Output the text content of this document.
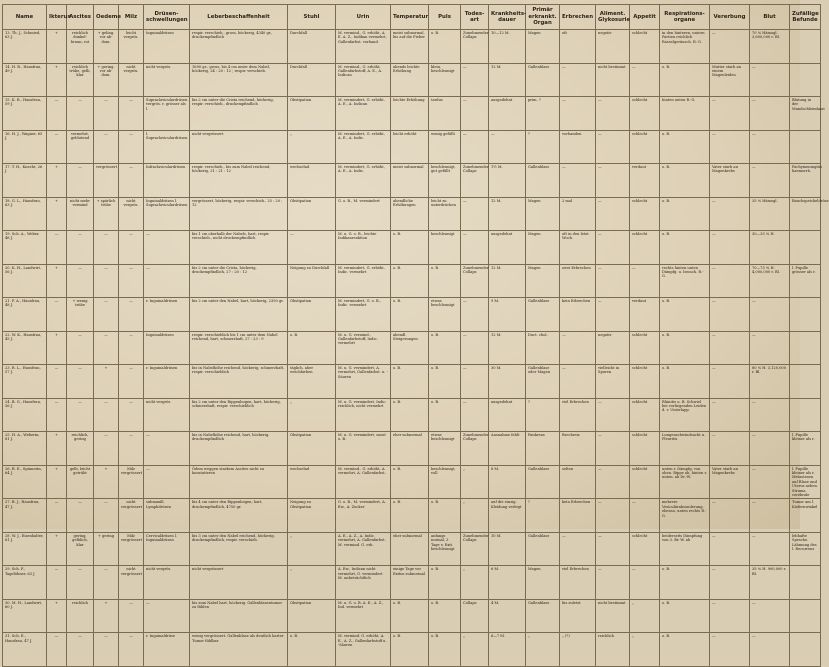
Name	Ikterus	Ascites	Oedeme	Milz	Drüsen-schwellungen	Leberbeschaffenheit	Stuhl	Urin	Temperatur	Puls	Todes-art	Krankheits-dauer	Primär erkrankt. Organ	Erbrechen	Aliment. Glykosurie	Appetit	Respirations-organe	Vererbung	Blut	Zufällige Befunde
13. Th. J., Schmied, 63 J.	+	reichlich dunkel-braun, rot	+ geling. vor ab-dom.	leicht vergrös.	Inguinaldrüsen	respir. verschieb., gross, höckerig, 4340 gr., druckempfindlich	Durchfall	M. vermind., G. erhöht, A. E. A. Z., Indikan vermehrt, Gallenfarbst. vorhand.	meist subnormal, bis auf die Fieber	o. B.	Zunehmender Collaps	10—12 M.	Magen	oft	negativ	schlecht	in den hinteren, untern Partien reichlich Rasselgeräusch. R.-G.	—	70 % Hämogl. 3,600,000 r. Bl.	
14. H. B., Hausfrau, 49 J.	+	reichlich trübe, gelb, klar	+ gering. vor ab-dom.	nicht vergrös.	nicht vergrös.	1690 gr., gross, bis 4 cm unter dem Nabel, höckerig, 24 : 20 : 12 ; respir. verschieb.	Durchfall	M. vermind., G. erhöht, Gallenfarbstoff, A. E., A. Indican	abends leichte Erhöhung	klein, beschleunigt	—	12 M.	Gallenblase	—	nicht bestimmt	—	o. B.	Mutter starb an einem Magenleiden	—	
15. K. R., Hausfrau, 59 J.	—	—	—	—	Supraclaviculardrüsen vergrös. r. grösser als l.	bis 2 cm unter die Crista reichend, höckerig, respir. verschieb., druckempfindlich	Obstipation	M. vermindert, G. erhöht, A. E., A. Indican	leichte Erhöhung	tardus	—	ausgedehnt	prim. ?	—	—	schlecht	hinten unten R.-G.	—	—	Blutung in der Mundschleimhaut
16. H. J., Wagner, 65 J.	—	vermehrt, geblutend	—	—	l. Supraclaviculardrüsen	nicht vergrössert	„	M. vermindert, G. erhöht, A. E., A. Indic.	leicht erhöht	wenig gefüllt	—	—	?	vorhanden	—	schlecht	o. B.	—	—	
17. T. H., Knecht, 26 J.	+	—	vergrössert	—	Infraclaviculardrüsen	respir. verschieb., bis zum Nabel reichend, höckerig, 21 : 21 : 12	wechselnd	M. vermindert, G. erhöht, A. E., A. Indic.	meist subnormal	beschleunigt, gut gefüllt	Zunehmender Collaps	1½ M.	Gallenblase	—	—	verdaut	o. B.	Vater starb an Magenkrebs	—	Pachymeningitis haemorrh.
18. G. L., Hausfrau, 63 J.	+	nicht mehr vermind	+ spärlich trübe	nicht vergrös.	Inguinaldrüsen l. Supraclaviculardrüsen	vergrössert, höckerig, respir. verschieb., 25 : 20 : 12	Obstipation	G. o. B., M. vermindert	abendliche Erhöhungen	leicht zu unterdrücken	—	12 M.	Magen	2 mal	—	schlecht	o. B.	—	35 % Hämogl.	Bauchspeicheldrüse
19. Sch. A., Weber, 46 J.	—	—	—	—	—	bis 1 cm oberhalb der Nabels, hart, respir. verschieb., nicht druckempfindlich	—	M. u. G. o. B., leichte Indikanreaktion	o. B.	beschleunigt	—	ausgedehnt	Magen	oft in den letzt. Woch.	—	schlecht	o. B.	—	30—35 % H.	
20. K. H., Landwirt, 56 J.	+	—	—	—	—	bis 2 cm unter die Crista, höckerig, druckempfindlich, 27 : 20 : 12	Neigung zu Durchfall	M. vermindert, G. erhöht, Indic. vermehrt	o. B.	o. B.	Zunehmender Collaps	12 M.	Magen	zwei Erbrechen	—	—	rechts hinten unten Dämpfg. u. bronch. R.-G.	—	70—75 % H. 4,000,000 r. Bl.	l. Pupille grösser als r.
21. F. A., Hausfrau, 48 J.	—	+ wenig trübe	—	—	r. Inguinaldrüsen	bis 2 cm unter den Nabel, hart, höckerig, 2350 gr.	Obstipation	M. vermindert, G. o. B., Indic. vermehrt	o. B.	etwas beschleunigt	—	9 M.	Gallenblase	kein Erbrechen	—	verdaut	o. B.	—	—	
22. W. K., Hausfrau, 45 J.	+	—	—	—	Inguinaldrüsen	respir. verschieblich bis 1 cm unter dem Nabel reichend, hart, schmerzhaft, 27 : 23 : 9	o. B.	M. u. G. vermind., Gallenfarbstoff, Indic. vermehrt	abendl. Steigerungen	o. B.	—	12 M.	Duct. chol.	—	negativ	schlecht	o. B.	—	—	
23. R. L., Hausfrau, 57 J.	—	—	+	—	r. Inguinaldrüsen	bis in Nabelhöhe reichend, höckerig, schmerzhaft, respir. verschieblich	täglich, aber weichfarben	M. u. G. vermindert, A. vermehrt, Gallenfarbst. u. -Säuren	o. B.	o. B.	—	30 M.	Gallenblase oder Magen	—	vielleicht in Spuren	schlecht	o. B.	—	80 % H. 3,120,000 r. Bl.	
24. B. G., Hausfrau, 56 J.	—	—	—	—	nicht vergrös.	bis 2 cm unter den Rippenbogen, hart, höckerig, schmerzhaft, respir. verschieblich	„	M. u. G. vermindert, Indic. reichlich, nicht vermehrt	o. B.	o. B.	—	ausgedehnt	?	viel Erbrechen	—	schlecht	Rhinitis u. B. Schwiel bei vorliegenden Leiden d. r. Unterlapp.	—	—	
25. H. A., Weberin, 81 J.	+	reichlich, gering	—	—	—	bis in Nabelhöhe reichend, hart, höckerig, druckempfindlich	Obstipation	M. u. G. vermindert, sonst o. B.	eher subnormal	etwas beschleunigt	Zunehmender Collaps	Ausnahme fehlt	Pankreas	Brechreiz	—	schlecht	Lungenschwindsucht u. Pleuritis	—	—	l. Pupille kleiner als r.
26. R. E., Spinnerin, 64 J.	+	gelb, leicht getrübt	+	Milz vergrössert	—	Ödem weggen starkem Ascites nicht zu konstatieren	wechselnd	M. vermind., G. erhöht, A. vermehrt, A. Gallenfarbst.	o. B.	beschleunigt, voll	„	8 M.	Gallenblase	selten	—	schlecht	unten r. Dämpfg. von oben. Rippe ab, hinten r. unten. ab Dr.-W.	Vater starb an Magenkrebs	—	l. Pupille kleiner als r. Metastasen auf Blase und Uterus neben. Struma cerebrale
27. B. J., Hausfrau, 47 J.	—	—	—	nicht vergrössert	submaxill. Lymphdrüsen	bis 4 cm unter den Rippenbogen, hart, druckempfindlich, 4750 gr.	Neigung zu Obstipation	G. o. B., M. vermindert, A. Ew., A. Zucker	o. B.	o. B.	„	auf die einzig. Kleidung verlegt	?	kein Erbrechen	—	—	mehrere Vesiculärabsonderung, ebenso, unten rechts R.-G.	—	—	Tumor am l. Kiefernwinkel
28. W. J., Eisenhalter, 61 J.	+	gering, gelblich, klar	+ gering	Milz vergrössert	Cervicaldrüsen l. Inguinaldrüsen	bis 3 cm unter den Nabel reichend, höckerig, druckempfindlich, respir. verschieb.	„	A. E., A. Z., A. Indic. vermehrt, A. Gallenfarbst. M. vermind. G. erh.	eher subnormal	anfangs normal, 3 Tage v. Exit. beschleunigt	Zunehmender Collaps	10 M.	Gallenblase	—	—	schlecht	beiderseits Dämpfung von 3. Br.-W. ab	—	—	lebhafte Sprache. Lähmung des l. Recurrens
29. Sch. F., Tagelöhner, 63 J.	—	—	—	nicht vergrössert	nicht vergrös.	nicht vergrössert	„	A. Ew., Indican nicht vermehrt, G. vermindert M. unbeträchtlich	einige Tage vor Exitus subnormal	o. B.	„	6 M.	Magen	viel Erbrechen	—	—	o. B.	—	35 % H. 900,000 r. Bl.	
30. M. H., Landwirt, 60 J.	+	reichlich	+	—	—	bis zum Nabel hart, höckerig. Gallenblasentumor zu fühlen	Obstipation	M. u. G. o. B. A. E., A. Z., Ind. vermehrt	o. B.	o. B.	Collaps	4 M.	Gallenblase	bis zuletzt	nicht bestimmt	„	o. B.	—	—	
31. Sch. E., Hausfrau, 47 J.	—	—	—	—	r. Inguinaldrüse	wenig vergrössert. Gallenblase als deutlich harter Tumor fühlbar	o. B.	M. vermind. G. erhöht, A. E., A. Z., Gallenfarbstoff u. -Säuren	o. B.	o. B.	„	6—7 M.	„	„ (?)	reichlich	„	o. B.	—	—	
